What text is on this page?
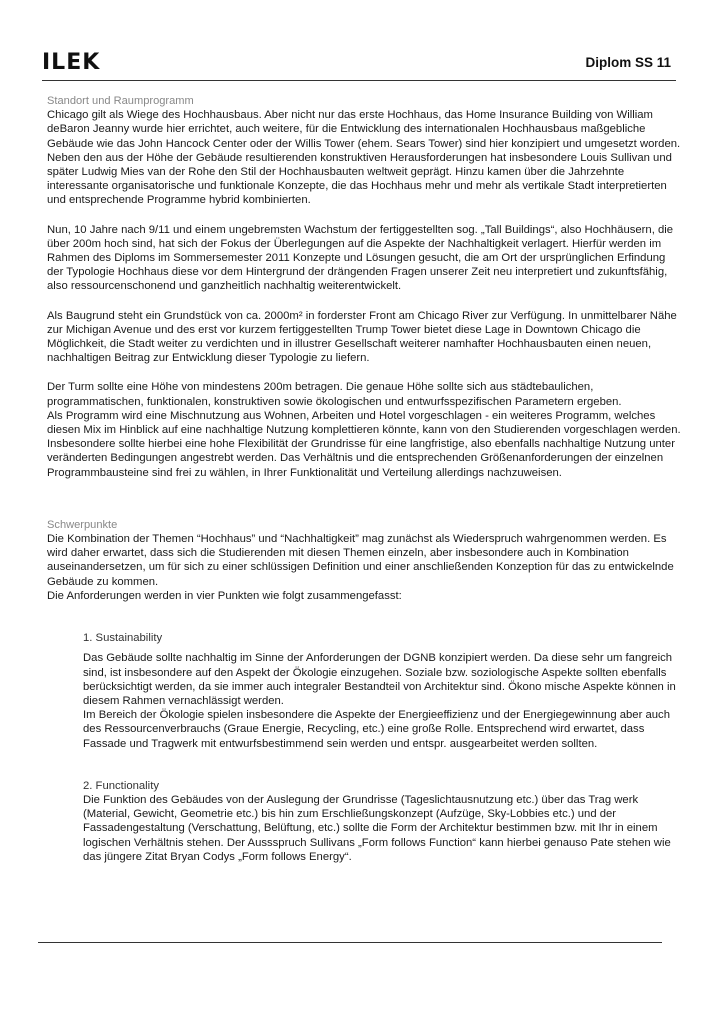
ILEK	Diplom SS 11
Standort und Raumprogramm

Chicago gilt als Wiege des Hochhausbaus. Aber nicht nur das erste Hochhaus, das Home Insurance Building von William deBaron Jeanny wurde hier errichtet, auch weitere, für die Entwicklung des internationalen Hochhausbaus maßgebliche Gebäude wie das John Hancock Center oder der Willis Tower (ehem. Sears Tower) sind hier konzipiert und umgesetzt worden. Neben den aus der Höhe der Gebäude resultierenden konstruktiven Herausforderungen hat insbesondere Louis Sullivan und später Ludwig Mies van der Rohe den Stil der Hochhausbauten weltweit geprägt. Hinzu kamen über die Jahrzehnte interessante organisatorische und funktionale Konzepte, die das Hochhaus mehr und mehr als vertikale Stadt interpretierten und entsprechende Programme hybrid kombinierten.

Nun, 10 Jahre nach 9/11 und einem ungebremsten Wachstum der fertiggestellten sog. „Tall Buildings“, also Hochhäusern, die über 200m hoch sind, hat sich der Fokus der Überlegungen auf die Aspekte der Nachhaltigkeit verlagert. Hierfür werden im Rahmen des Diploms im Sommersemester 2011 Konzepte und Lösungen gesucht, die am Ort der ursprünglichen Erfindung der Typologie Hochhaus diese vor dem Hintergrund der drängenden Fragen unserer Zeit neu interpretiert und zukunftsfähig, also ressourcenschonend und ganzheitlich nachhaltig weiterentwickelt.

Als Baugrund steht ein Grundstück von ca. 2000m² in forderster Front am Chicago River zur Verfügung. In unmittelbarer Nähe zur Michigan Avenue und des erst vor kurzem fertiggestellten Trump Tower bietet diese Lage in Downtown Chicago die Möglichkeit, die Stadt weiter zu verdichten und in illustrer Gesellschaft weiterer namhafter Hochhausbauten einen neuen, nachhaltigen Beitrag zur Entwicklung dieser Typologie zu liefern.

Der Turm sollte eine Höhe von mindestens 200m betragen. Die genaue Höhe sollte sich aus städtebaulichen, programmatischen, funktionalen, konstruktiven sowie ökologischen und entwurfsspezifischen Parametern ergeben.

Als Programm wird eine Mischnutzung aus Wohnen, Arbeiten und Hotel vorgeschlagen - ein weiteres Programm, welches diesen Mix im Hinblick auf eine nachhaltige Nutzung komplettieren könnte, kann von den Studierenden vorgeschlagen werden. Insbesondere sollte hierbei eine hohe Flexibilität der Grundrisse für eine langfristige, also ebenfalls nachhaltige Nutzung unter veränderten Bedingungen angestrebt werden. Das Verhältnis und die entsprechenden Größenanforderungen der einzelnen Programmbausteine sind frei zu wählen, in Ihrer Funktionalität und Verteilung allerdings nachzuweisen.

Schwerpunkte

Die Kombination der Themen “Hochhaus” und “Nachhaltigkeit” mag zunächst als Wiederspruch wahrgenommen werden. Es wird daher erwartet, dass sich die Studierenden mit diesen Themen einzeln, aber insbesondere auch in Kombination auseinandersetzen, um für sich zu einer schlüssigen Definition und einer anschließenden Konzeption für das zu entwickelnde Gebäude zu kommen.

Die Anforderungen werden in vier Punkten wie folgt zusammengefasst:

1. Sustainability

Das Gebäude sollte nachhaltig im Sinne der Anforderungen der DGNB konzipiert werden. Da diese sehr um fangreich sind, ist insbesondere auf den Aspekt der Ökologie einzugehen. Soziale bzw. soziologische Aspekte sollten ebenfalls berücksichtigt werden, da sie immer auch integraler Bestandteil von Architektur sind. Ökono mische Aspekte können in diesem Rahmen vernachlässigt werden.

Im Bereich der Ökologie spielen insbesondere die Aspekte der Energieeffizienz und der Energiegewinnung aber auch des Ressourcenverbrauchs (Graue Energie, Recycling, etc.) eine große Rolle. Entsprechend wird erwartet, dass Fassade und Tragwerk mit entwurfsbestimmend sein werden und entspr. ausgearbeitet werden sollten.

2. Functionality

Die Funktion des Gebäudes von der Auslegung der Grundrisse (Tageslichtausnutzung etc.) über das Trag werk (Material, Gewicht, Geometrie etc.) bis hin zum Erschließungskonzept (Aufzüge, Sky-Lobbies etc.) und der Fassadengestaltung (Verschattung, Belüftung, etc.) sollte die Form der Architektur bestimmen bzw. mit Ihr in einem logischen Verhältnis stehen. Der Aussspruch Sullivans „Form follows Function“ kann hierbei genauso Pate stehen wie das jüngere Zitat Bryan Codys „Form follows Energy“.
